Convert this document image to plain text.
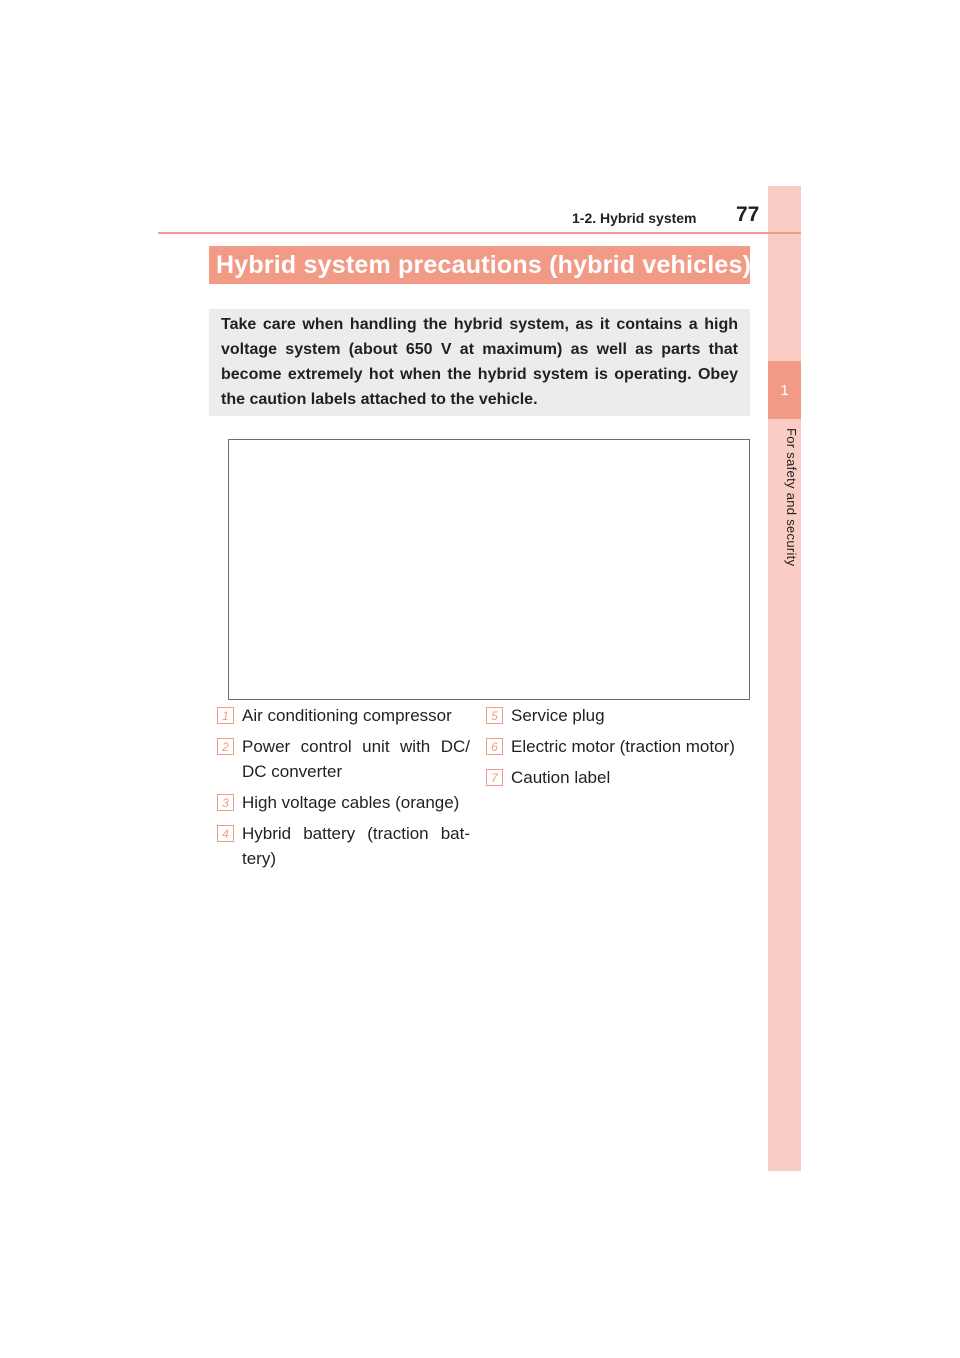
1
For safety and security
1-2. Hybrid system 77
Hybrid system precautions (hybrid vehicles)
Take care when handling the hybrid system, as it contains a high voltage system (about 650 V at maximum) as well as parts that become extremely hot when the hybrid system is operating. Obey the caution labels attached to the vehicle.
1 Air conditioning compressor
2 Power control unit with DC/ DC converter
3 High voltage cables (orange)
4 Hybrid battery (traction bat- tery)
5 Service plug
6 Electric motor (traction motor)
7 Caution label
